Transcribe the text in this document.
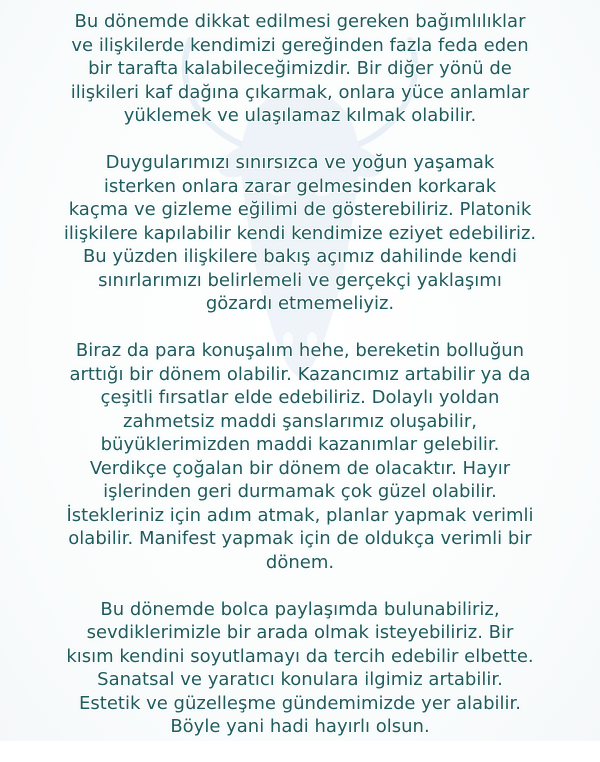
Bu dönemde dikkat edilmesi gereken bağımlılıklar
ve ilişkilerde kendimizi gereğinden fazla feda eden
bir tarafta kalabileceğimizdir. Bir diğer yönü de
ilişkileri kaf dağına çıkarmak, onlara yüce anlamlar
yüklemek ve ulaşılamaz kılmak olabilir.
Duygularımızı sınırsızca ve yoğun yaşamak
isterken onlara zarar gelmesinden korkarak
kaçma ve gizleme eğilimi de gösterebiliriz. Platonik
ilişkilere kapılabilir kendi kendimize eziyet edebiliriz.
Bu yüzden ilişkilere bakış açımız dahilinde kendi
sınırlarımızı belirlemeli ve gerçekçi yaklaşımı
gözardı etmemeliyiz.
Biraz da para konuşalım hehe, bereketin bolluğun
arttığı bir dönem olabilir. Kazancımız artabilir ya da
çeşitli fırsatlar elde edebiliriz. Dolaylı yoldan
zahmetsiz maddi şanslarımız oluşabilir,
büyüklerimizden maddi kazanımlar gelebilir.
Verdikçe çoğalan bir dönem de olacaktır. Hayır
işlerinden geri durmamak çok güzel olabilir.
İstekleriniz için adım atmak, planlar yapmak verimli
olabilir. Manifest yapmak için de oldukça verimli bir
dönem.
Bu dönemde bolca paylaşımda bulunabiliriz,
sevdiklerimizle bir arada olmak isteyebiliriz. Bir
kısım kendini soyutlamayı da tercih edebilir elbette.
Sanatsal ve yaratıcı konulara ilgimiz artabilir.
Estetik ve güzelleşme gündemimizde yer alabilir.
Böyle yani hadi hayırlı olsun.
